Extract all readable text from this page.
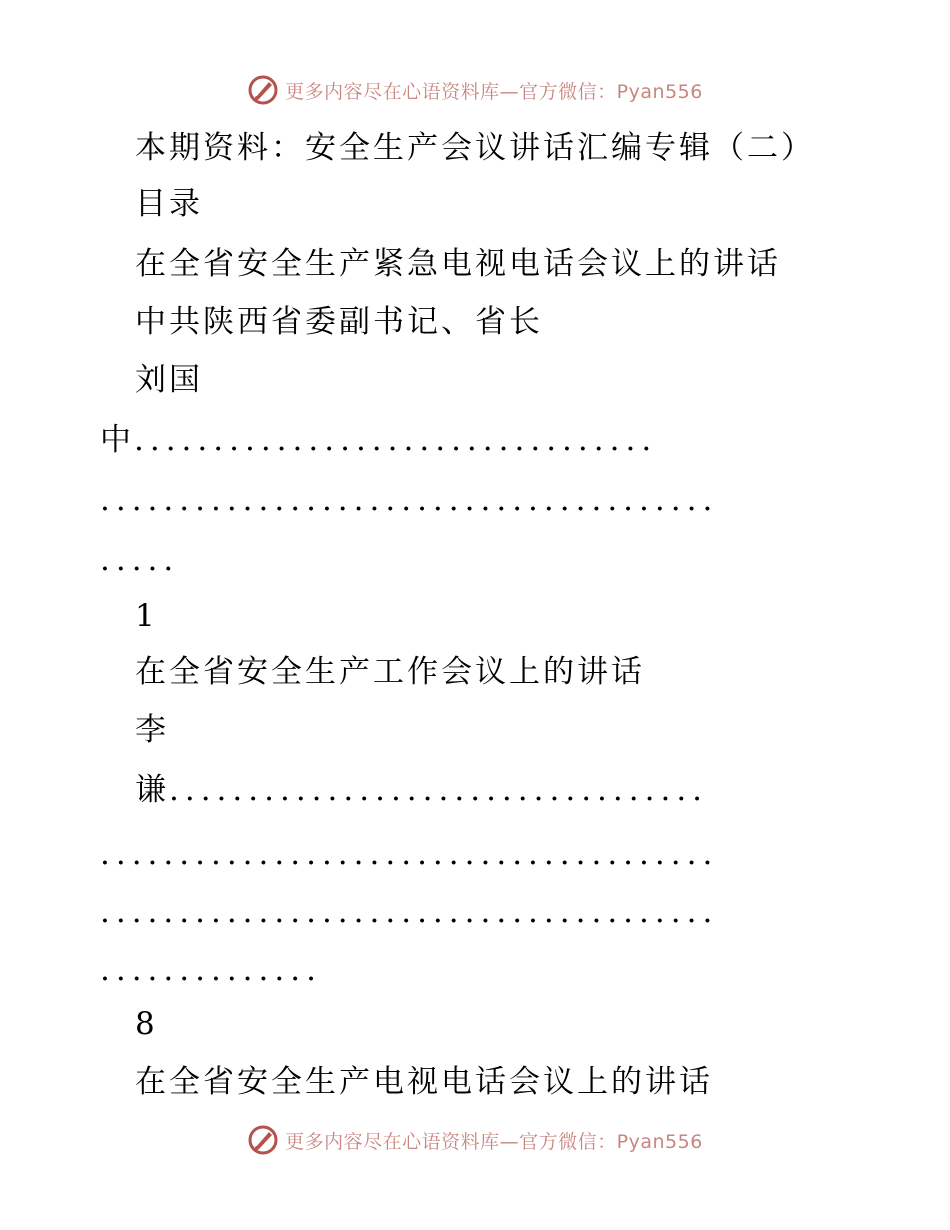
更多内容尽在心语资料库—官方微信：Pyan556
本期资料：安全生产会议讲话汇编专辑（二）
目录
在全省安全生产紧急电视电话会议上的讲话
中共陕西省委副书记、省长
刘国
中.................................
.......................................
.....
1
在全省安全生产工作会议上的讲话
李
谦..................................
.......................................
.......................................
..............
8
在全省安全生产电视电话会议上的讲话
更多内容尽在心语资料库—官方微信：Pyan556
